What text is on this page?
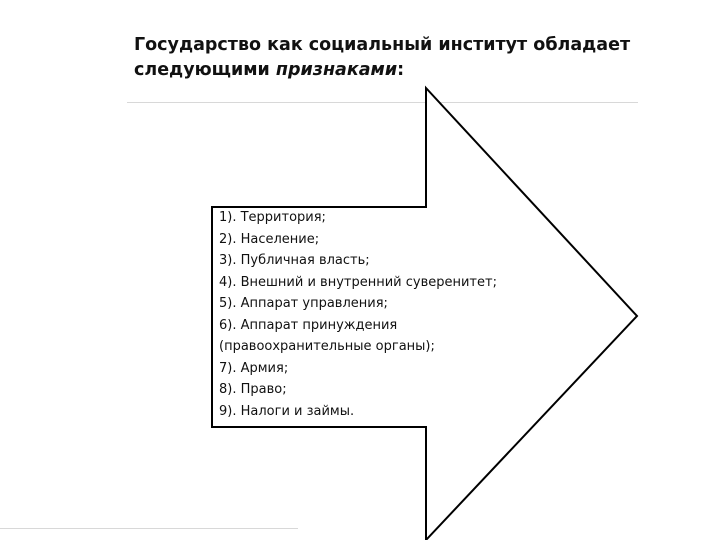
Государство как социальный институт обладает следующими признаками:
1). Территория;
2). Население;
3). Публичная власть;
4). Внешний и внутренний суверенитет;
5). Аппарат управления;
6). Аппарат принуждения
(правоохранительные органы);
7). Армия;
8). Право;
9). Налоги и займы.
